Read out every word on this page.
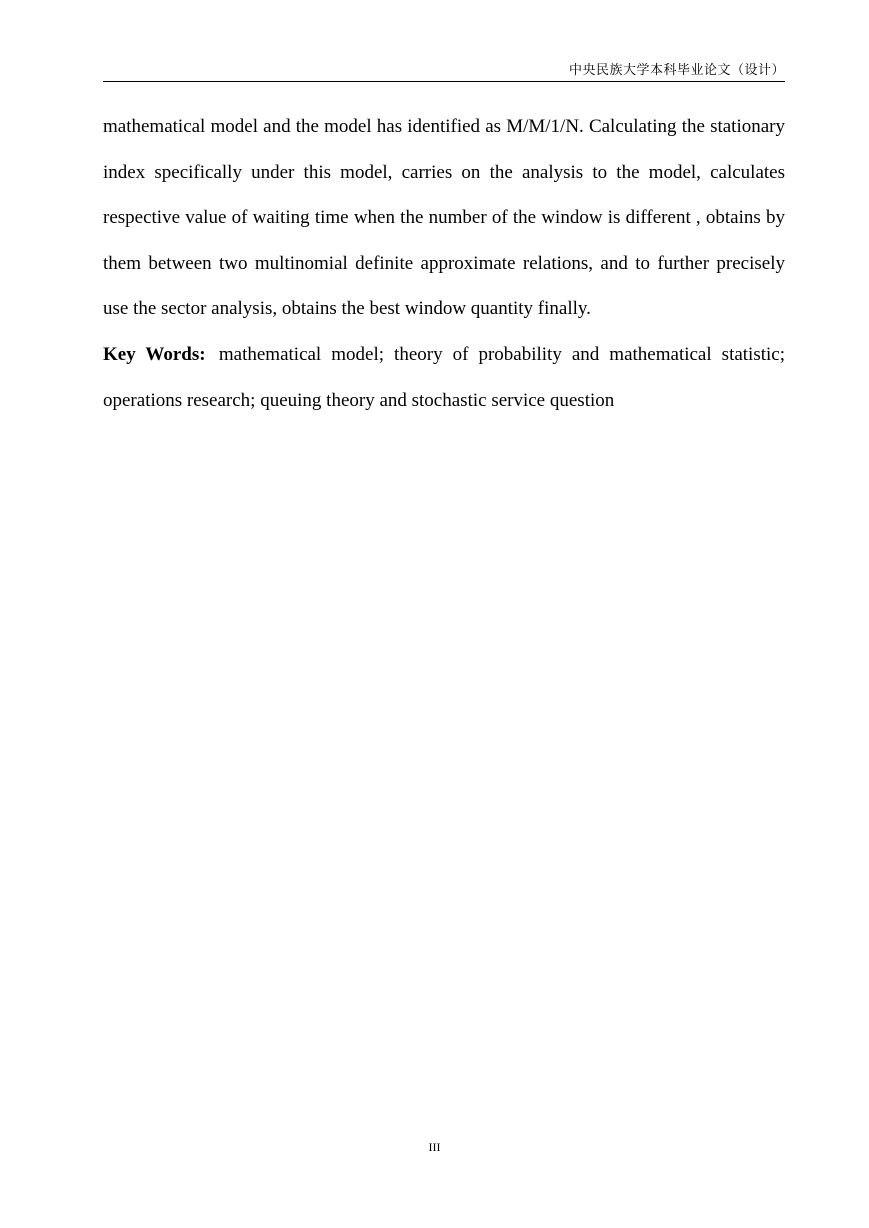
中央民族大学本科毕业论文（设计）

mathematical model and the model has identified as M/M/1/N. Calculating the stationary index specifically under this model, carries on the analysis to the model, calculates respective value of waiting time when the number of the window is different , obtains by them between two multinomial definite approximate relations, and to further precisely use the sector analysis, obtains the best window quantity finally.

Key Words: mathematical model; theory of probability and mathematical statistic; operations research; queuing theory and stochastic service question

III
